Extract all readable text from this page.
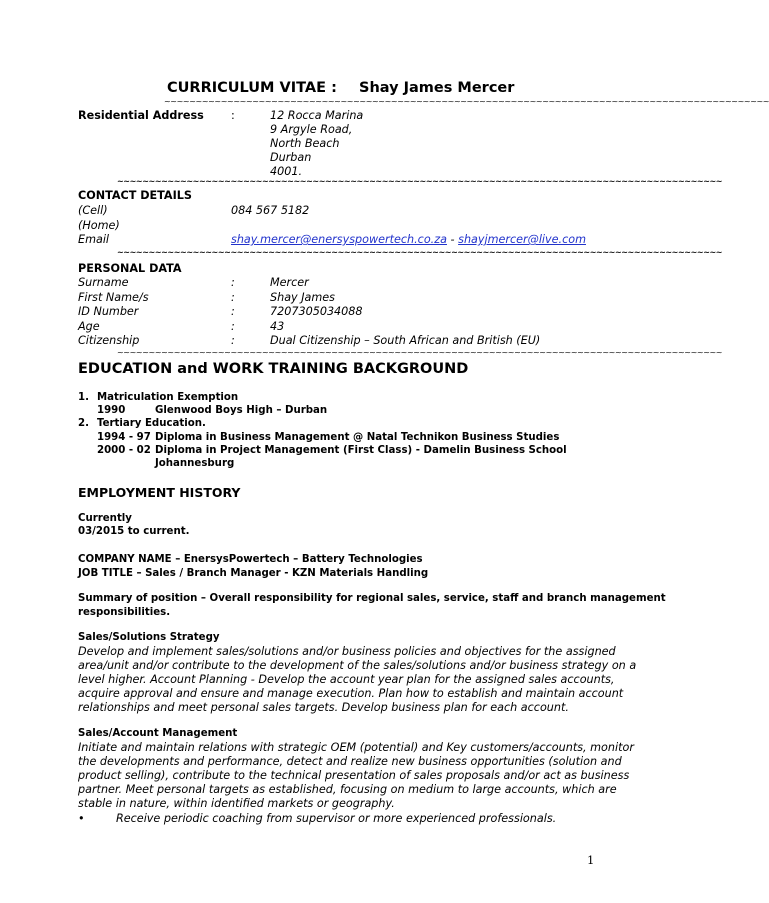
CURRICULUM VITAE : Shay James Mercer
~~~~~~~~~~~~~~~~~~~~~~~~~~~~~~~~~~~~~~~~~~~~~~~~~~~~~~~~~~~~~~~~~~~~~~~~~~~~~~~~~~~~~~~~~~~~~~~~
Residential Address :	12 Rocca Marina
9 Argyle Road,
North Beach
Durban
4001.
~~~~~~~~~~~~~~~~~~~~~~~~~~~~~~~~~~~~~~~~~~~~~~~~~~~~~~~~~~~~~~~~~~~~~~~~~~~~~~~~~~~~~~~~~~~~~~~~
CONTACT DETAILS
(Cell)	084 567 5182
(Home)
Email	shay.mercer@enersyspowertech.co.za - shayjmercer@live.com
~~~~~~~~~~~~~~~~~~~~~~~~~~~~~~~~~~~~~~~~~~~~~~~~~~~~~~~~~~~~~~~~~~~~~~~~~~~~~~~~~~~~~~~~~~~~~~~~
PERSONAL DATA
Surname	:	Mercer
First Name/s	:	Shay James
ID Number	:	7207305034088
Age	:	43
Citizenship	:	Dual Citizenship – South African and British (EU)
~~~~~~~~~~~~~~~~~~~~~~~~~~~~~~~~~~~~~~~~~~~~~~~~~~~~~~~~~~~~~~~~~~~~~~~~~~~~~~~~~~~~~~~~~~~~~~~~
EDUCATION and WORK TRAINING BACKGROUND
1. Matriculation Exemption
1990	Glenwood Boys High – Durban
2. Tertiary Education.
1994 - 97 Diploma in Business Management @ Natal Technikon Business Studies
2000 - 02 Diploma in Project Management (First Class) - Damelin Business School
Johannesburg
EMPLOYMENT HISTORY
Currently
03/2015 to current.
COMPANY NAME – EnersysPowertech – Battery Technologies
JOB TITLE – Sales / Branch Manager - KZN Materials Handling
Summary of position – Overall responsibility for regional sales, service, staff and branch management
responsibilities.
Sales/Solutions Strategy
Develop and implement sales/solutions and/or business policies and objectives for the assigned
area/unit and/or contribute to the development of the sales/solutions and/or business strategy on a
level higher. Account Planning - Develop the account year plan for the assigned sales accounts,
acquire approval and ensure and manage execution. Plan how to establish and maintain account
relationships and meet personal sales targets. Develop business plan for each account.
Sales/Account Management
Initiate and maintain relations with strategic OEM (potential) and Key customers/accounts, monitor
the developments and performance, detect and realize new business opportunities (solution and
product selling), contribute to the technical presentation of sales proposals and/or act as business
partner. Meet personal targets as established, focusing on medium to large accounts, which are
stable in nature, within identified markets or geography.
•	Receive periodic coaching from supervisor or more experienced professionals.
1
